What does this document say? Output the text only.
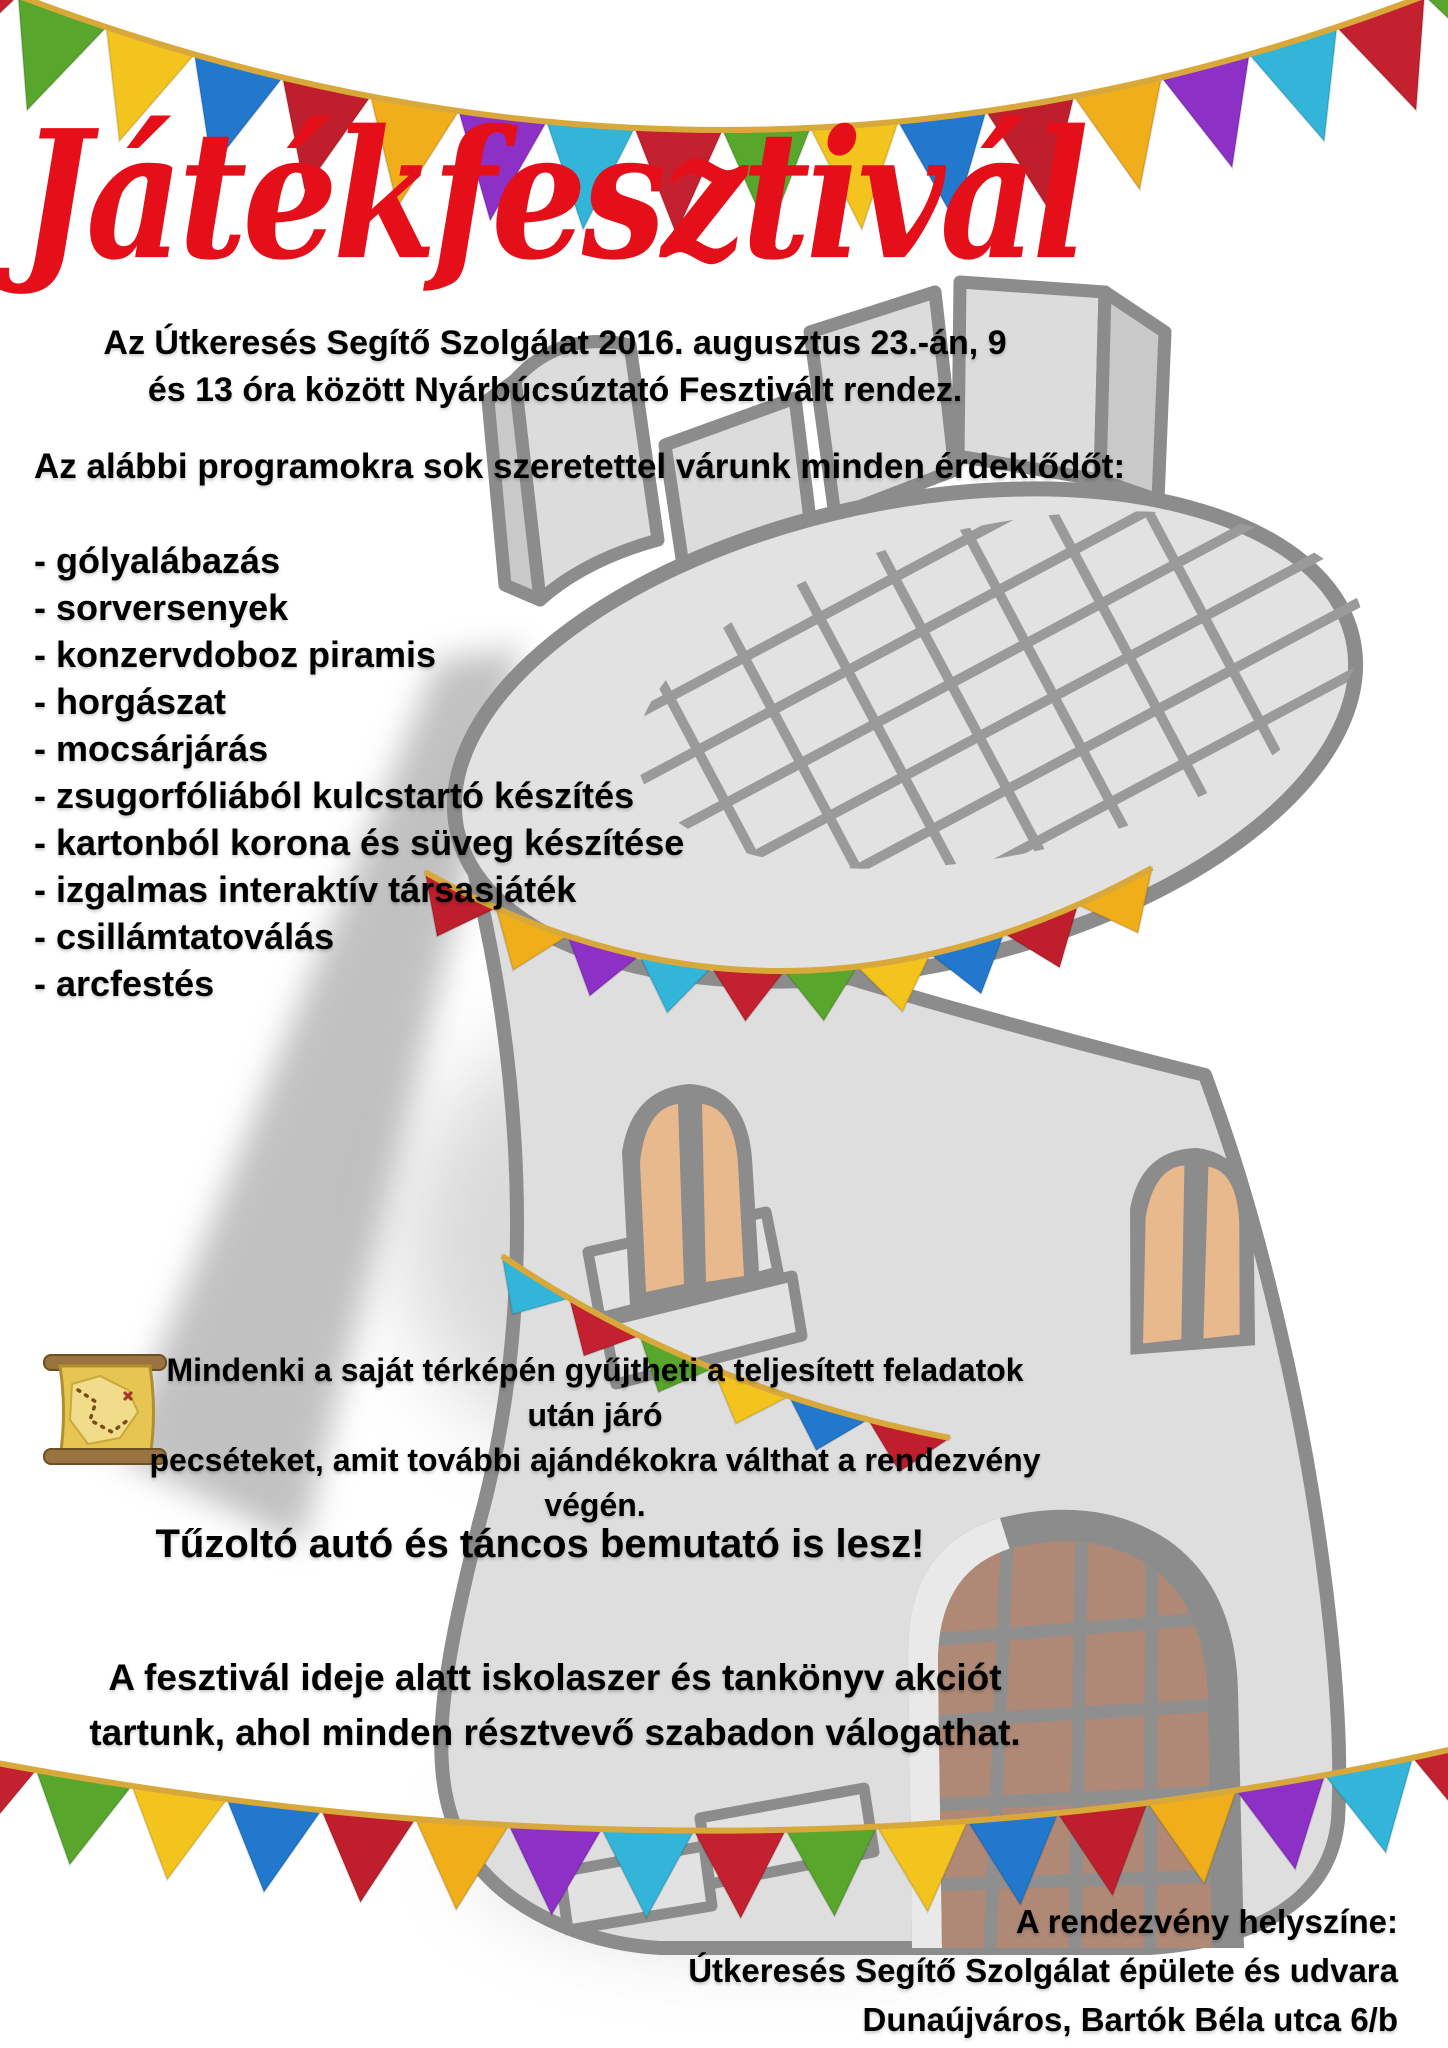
Játékfesztivál
Az Útkeresés Segítő Szolgálat 2016. augusztus 23.-án, 9
és 13 óra között Nyárbúcsúztató Fesztivált rendez.
Az alábbi programokra sok szeretettel várunk minden érdeklődőt:
- gólyalábazás
- sorversenyek
- konzervdoboz piramis
- horgászat
- mocsárjárás
- zsugorfóliából kulcstartó készítés
- kartonból korona és süveg készítése
- izgalmas interaktív társasjáték
- csillámtatoválás
- arcfestés
Mindenki a saját térképén gyűjtheti a teljesített feladatok után járó
pecséteket, amit további ajándékokra válthat a rendezvény végén.
Tűzoltó autó és táncos bemutató is lesz!
A fesztivál ideje alatt iskolaszer és tankönyv akciót
tartunk, ahol minden résztvevő szabadon válogathat.
A rendezvény helyszíne:
Útkeresés Segítő Szolgálat épülete és udvara
Dunaújváros, Bartók Béla utca 6/b
